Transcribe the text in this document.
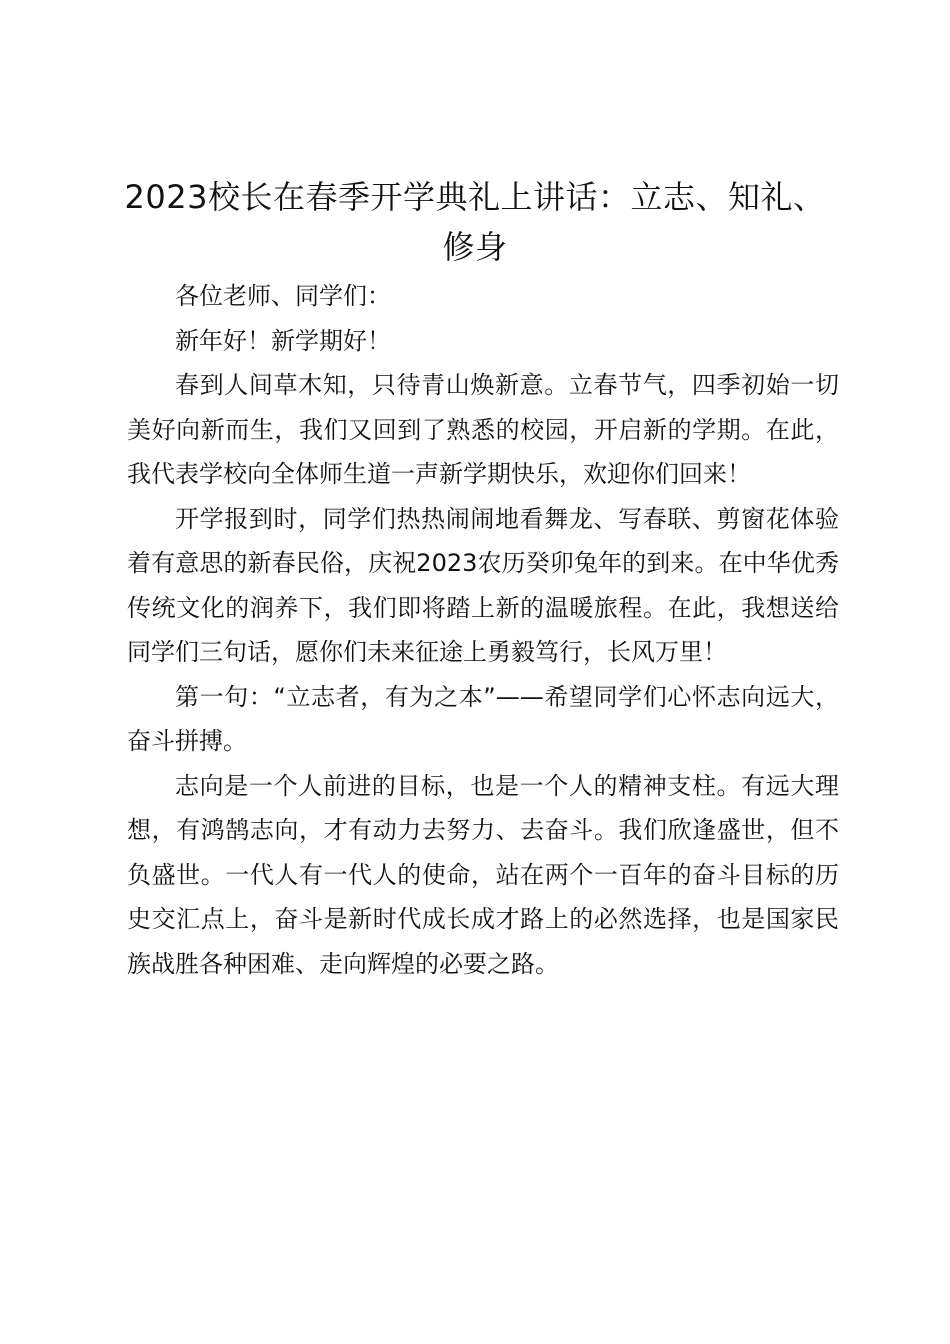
2023校长在春季开学典礼上讲话：立志、知礼、修身

各位老师、同学们：

新年好！新学期好！

春到人间草木知，只待青山焕新意。立春节气，四季初始一切美好向新而生，我们又回到了熟悉的校园，开启新的学期。在此，我代表学校向全体师生道一声新学期快乐，欢迎你们回来！

开学报到时，同学们热热闹闹地看舞龙、写春联、剪窗花体验着有意思的新春民俗，庆祝2023农历癸卯兔年的到来。在中华优秀传统文化的润养下，我们即将踏上新的温暖旅程。在此，我想送给同学们三句话，愿你们未来征途上勇毅笃行，长风万里！

第一句：“立志者，有为之本”——希望同学们心怀志向远大，奋斗拼搏。

志向是一个人前进的目标，也是一个人的精神支柱。有远大理想，有鸿鹄志向，才有动力去努力、去奋斗。我们欣逢盛世，但不负盛世。一代人有一代人的使命，站在两个一百年的奋斗目标的历史交汇点上，奋斗是新时代成长成才路上的必然选择，也是国家民族战胜各种困难、走向辉煌的必要之路。
